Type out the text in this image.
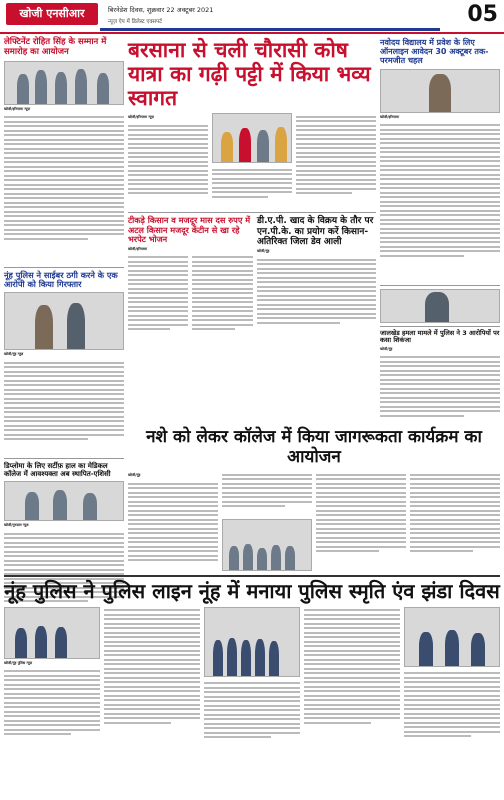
खोजी एनसीआर	बिरनेडेश दिवस, शुक्रवार 22 अक्टूबर 2021
न्यूज़ ऐप में डिलेस्ट एक्सपर्ट	05
लेफ्टिनेंट रोहित सिंह के सम्मान में समारोह का आयोजन
खोजी/हरियाणा न्यूज़
नूंह पुलिस ने साईबर ठगी करने के एक आरोपी को किया गिरफ्तार
खोजी/नूंह न्यूज़
डिप्लोमा के लिए सर्टीफ़ हाल का मेडिकल कॉलेज में आवश्यक्ता अब स्थापित-एशिसी
खोजी/गुरुग्राम न्यूज़
बरसाना से चली चौरासी कोष यात्रा का गढ़ी पट्टी में किया भव्य स्वागत
खोजी/हरियाणा न्यूज़
टीकड़े किसान व मजदूर मास दस रुपए में अटल किसान मजदूर केंटीन से खा रहे भरपेट भोजन
खोजी/हरियाणा
डी.ए.पी. खाद के विक्रय के तौर पर एन.पी.के. का प्रयोग करें किसान-अतिरिक्त जिला डेव आली
खोजी/नूंह
नवोदय विद्यालय में प्रवेश के लिए ऑनलाइन आवेदन 30 अक्टूबर तक-परमजीत चहल
खोजी/हरियाणा
जालखेड हमला मामले में पुलिस ने 3 आरोपियों पर कसा शिकंजा
खोजी/नूंह
नशे को लेकर कॉलेज में किया जागरूकता कार्यक्रम का आयोजन
खोजी/नूंह
नूंह पुलिस ने पुलिस लाइन नूंह में मनाया पुलिस स्मृति एंव झंडा दिवस
खोजी/नूंह पुलिस न्यूज़
